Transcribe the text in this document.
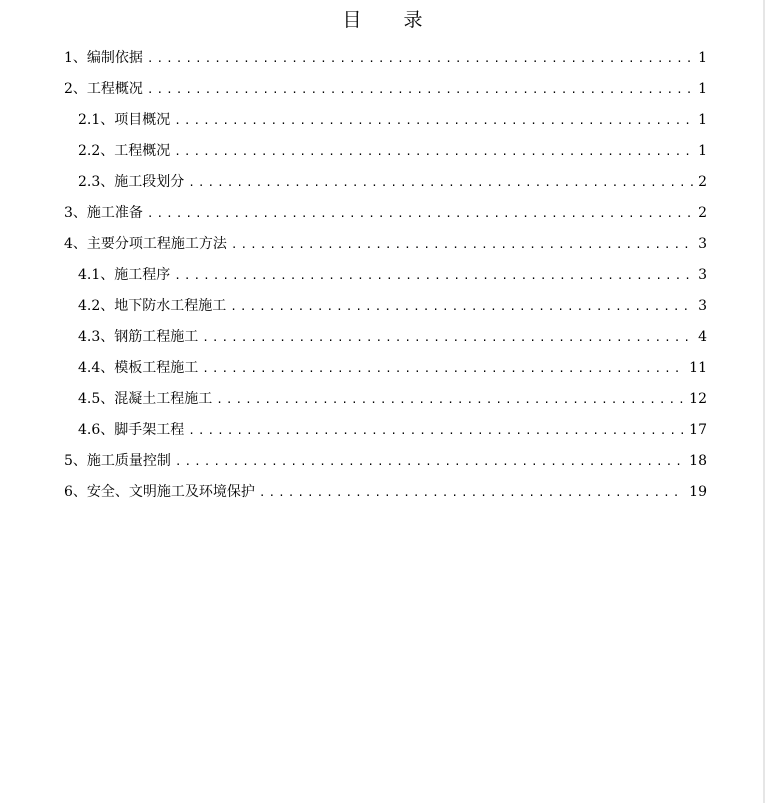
目 录
1、编制依据 .....	1
2、工程概况 .....	1
2.1、项目概况 .....	1
2.2、工程概况 .....	1
2.3、施工段划分 .....	2
3、施工准备 .....	2
4、主要分项工程施工方法 .....	3
4.1、施工程序 .....	3
4.2、地下防水工程施工 .....	3
4.3、钢筋工程施工 .....	4
4.4、模板工程施工 .....	11
4.5、混凝土工程施工 .....	12
4.6、脚手架工程 .....	17
5、施工质量控制 .....	18
6、安全、文明施工及环境保护 .....	19
